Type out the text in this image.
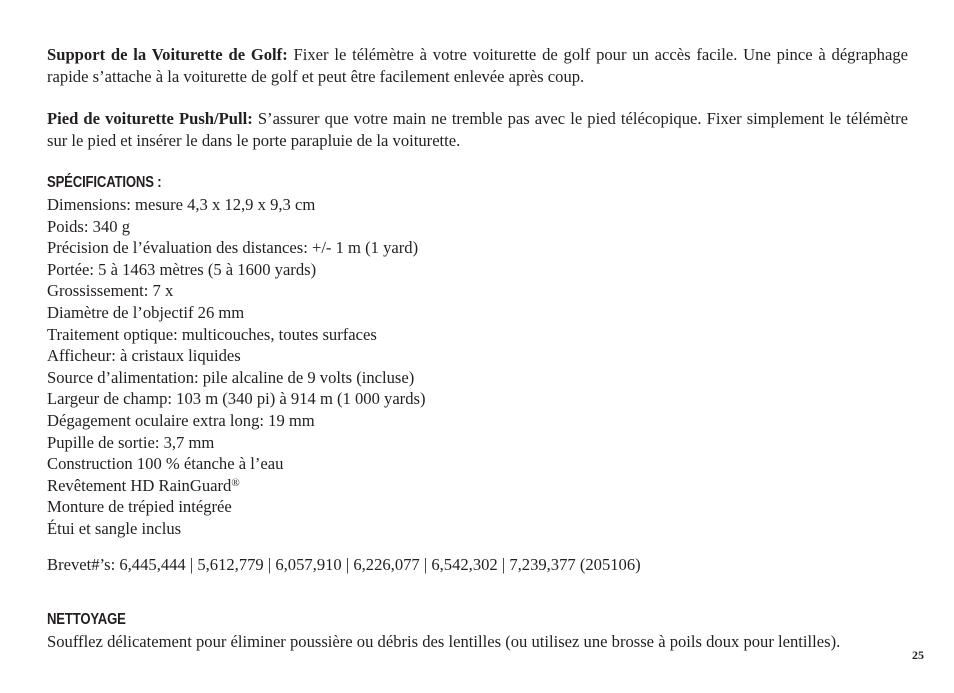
Support de la Voiturette de Golf: Fixer le télémètre à votre voiturette de golf pour un accès facile. Une pince à dégraphage rapide s’attache à la voiturette de golf et peut être facilement enlevée après coup.

Pied de voiturette Push/Pull: S’assurer que votre main ne tremble pas avec le pied télécopique. Fixer simplement le télémètre sur le pied et insérer le dans le porte parapluie de la voiturette.

SPÉCIFICATIONS :

Dimensions: mesure 4,3 x 12,9 x 9,3 cm
Poids: 340 g
Précision de l’évaluation des distances: +/- 1 m (1 yard)
Portée: 5 à 1463 mètres (5 à 1600 yards)
Grossissement: 7 x
Diamètre de l’objectif 26 mm
Traitement optique: multicouches, toutes surfaces
Afficheur: à cristaux liquides
Source d’alimentation: pile alcaline de 9 volts (incluse)
Largeur de champ: 103 m (340 pi) à 914 m (1 000 yards)
Dégagement oculaire extra long: 19 mm
Pupille de sortie: 3,7 mm
Construction 100 % étanche à l’eau
Revêtement HD RainGuard®
Monture de trépied intégrée
Étui et sangle inclus

Brevet#’s: 6,445,444 | 5,612,779 | 6,057,910 | 6,226,077 | 6,542,302 | 7,239,377 (205106)

NETTOYAGE

Soufflez délicatement pour éliminer poussière ou débris des lentilles (ou utilisez une brosse à poils doux pour lentilles).

25
